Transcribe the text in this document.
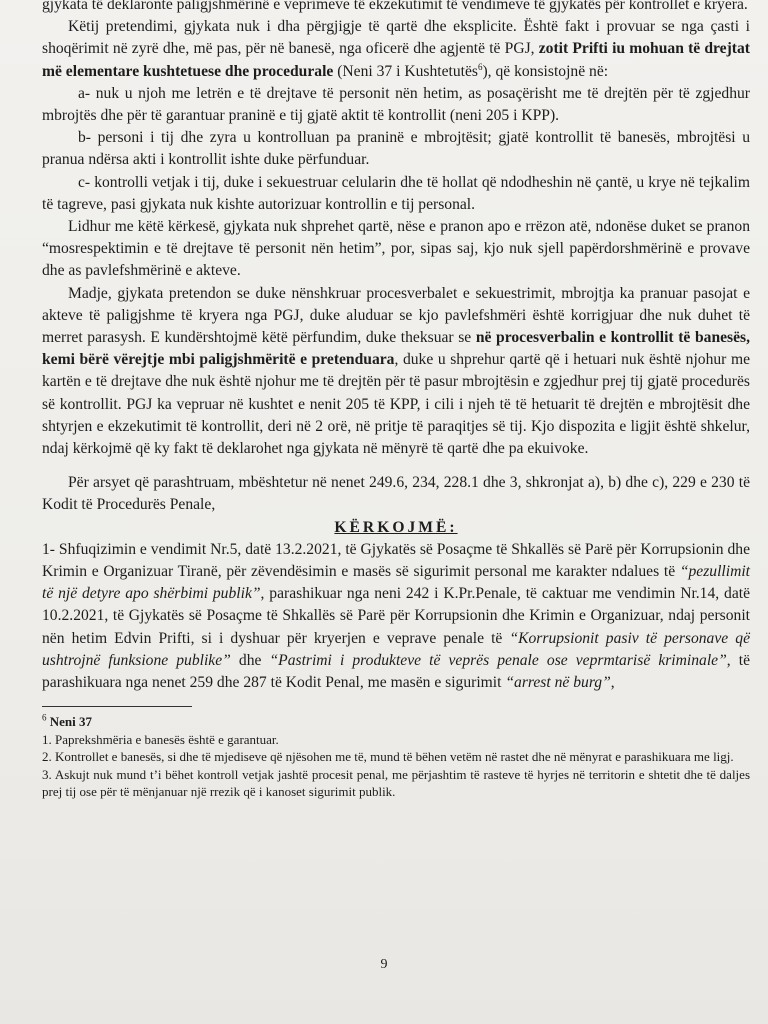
gjykata të deklaronte paligjshmërinë e veprimeve të ekzekutimit të vendimeve të gjykatës për kontrollet e kryera.

Këtij pretendimi, gjykata nuk i dha përgjigje të qartë dhe eksplicite. Është fakt i provuar se nga çasti i shoqërimit në zyrë dhe, më pas, për në banesë, nga oficerë dhe agjentë të PGJ, zotit Prifti iu mohuan të drejtat më elementare kushtetuese dhe procedurale (Neni 37 i Kushtetutës$^6$), që konsistojnë në:

a- nuk u njoh me letrën e të drejtave të personit nën hetim, as posaçërisht me të drejtën për të zgjedhur mbrojtës dhe për të garantuar praninë e tij gjatë aktit të kontrollit (neni 205 i KPP).

b- personi i tij dhe zyra u kontrolluan pa praninë e mbrojtësit; gjatë kontrollit të banesës, mbrojtësi u pranua ndërsa akti i kontrollit ishte duke përfunduar.

c- kontrolli vetjak i tij, duke i sekuestruar celularin dhe të hollat që ndodheshin në çantë, u krye në tejkalim të tagreve, pasi gjykata nuk kishte autorizuar kontrollin e tij personal.

Lidhur me këtë kërkesë, gjykata nuk shprehet qartë, nëse e pranon apo e rrëzon atë, ndonëse duket se pranon “mosrespektimin e të drejtave të personit nën hetim”, por, sipas saj, kjo nuk sjell papërdorshmërinë e provave dhe as pavlefshmërinë e akteve.

Madje, gjykata pretendon se duke nënshkruar procesverbalet e sekuestrimit, mbrojtja ka pranuar pasojat e akteve të paligjshme të kryera nga PGJ, duke aluduar se kjo pavlefshmëri është korrigjuar dhe nuk duhet të merret parasysh. E kundërshtojmë këtë përfundim, duke theksuar se në procesverbalin e kontrollit të banesës, kemi bërë vërejtje mbi paligjshmëritë e pretenduara, duke u shprehur qartë që i hetuari nuk është njohur me kartën e të drejtave dhe nuk është njohur me të drejtën për të pasur mbrojtësin e zgjedhur prej tij gjatë procedurës së kontrollit. PGJ ka vepruar në kushtet e nenit 205 të KPP, i cili i njeh të të hetuarit të drejtën e mbrojtësit dhe shtyrjen e ekzekutimit të kontrollit, deri në 2 orë, në pritje të paraqitjes së tij. Kjo dispozita e ligjit është shkelur, ndaj kërkojmë që ky fakt të deklarohet nga gjykata në mënyrë të qartë dhe pa ekuivoke.

Për arsyet që parashtruam, mbështetur në nenet 249.6, 234, 228.1 dhe 3, shkronjat a), b) dhe c), 229 e 230 të Kodit të Procedurës Penale,

KËRKOJMË:

1- Shfuqizimin e vendimit Nr.5, datë 13.2.2021, të Gjykatës së Posaçme të Shkallës së Parë për Korrupsionin dhe Krimin e Organizuar Tiranë, për zëvendësimin e masës së sigurimit personal me karakter ndalues të “pezullimit të një detyre apo shërbimi publik”, parashikuar nga neni 242 i K.Pr.Penale, të caktuar me vendimin Nr.14, datë 10.2.2021, të Gjykatës së Posaçme të Shkallës së Parë për Korrupsionin dhe Krimin e Organizuar, ndaj personit nën hetim Edvin Prifti, si i dyshuar për kryerjen e veprave penale të “Korrupsionit pasiv të personave që ushtrojnë funksione publike” dhe “Pastrimi i produkteve të veprës penale ose veprmtarisë kriminale”, të parashikuara nga nenet 259 dhe 287 të Kodit Penal, me masën e sigurimit “arrest në burg”,

$^6$ Neni 37

1. Paprekshmëria e banesës është e garantuar.

2. Kontrollet e banesës, si dhe të mjediseve që njësohen me të, mund të bëhen vetëm në rastet dhe në mënyrat e parashikuara me ligj.

3. Askujt nuk mund t’i bëhet kontroll vetjak jashtë procesit penal, me përjashtim të rasteve të hyrjes në territorin e shtetit dhe të daljes prej tij ose për të mënjanuar një rrezik që i kanoset sigurimit publik.

9
